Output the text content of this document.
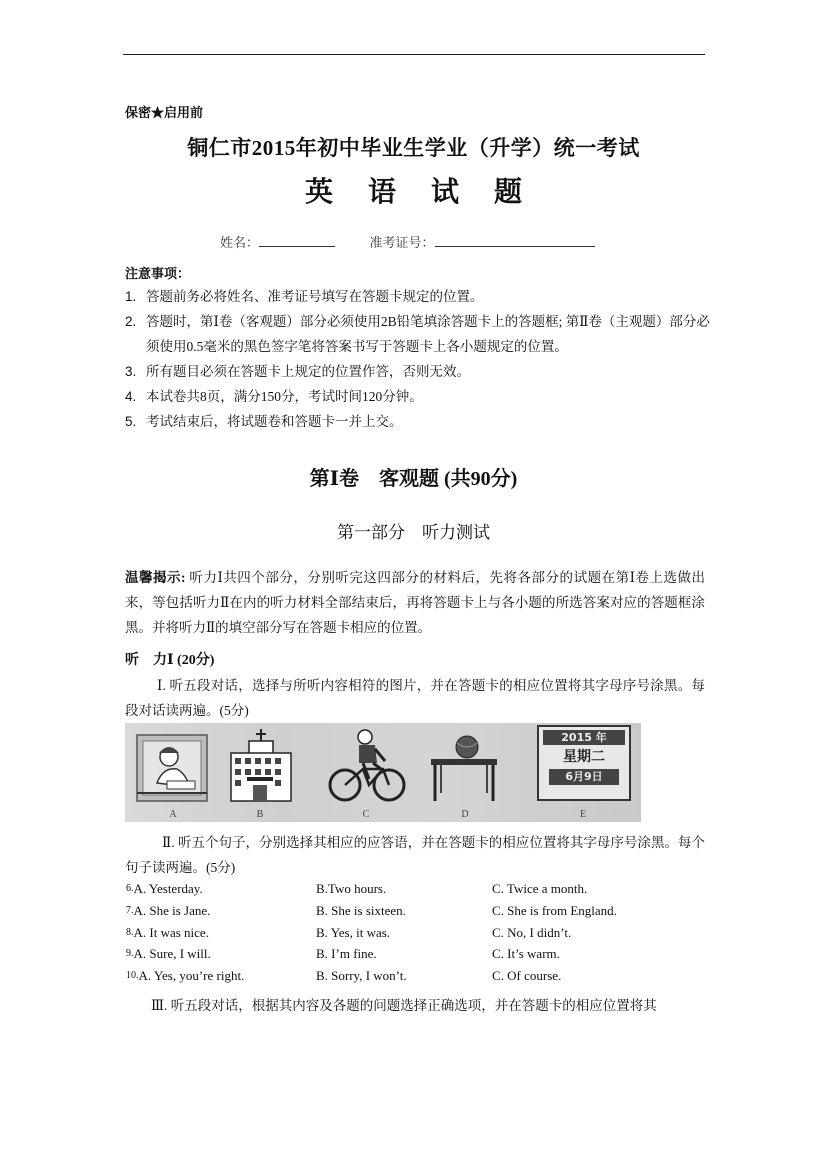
保密★启用前
铜仁市2015年初中毕业生学业（升学）统一考试
英 语 试 题
姓名：	准考证号：
注意事项：
1. 答题前务必将姓名、准考证号填写在答题卡规定的位置。
2. 答题时，第Ⅰ卷（客观题）部分必须使用2B铅笔填涂答题卡上的答题框; 第Ⅱ卷（主观题）部分必须使用0.5毫米的黑色签字笔将答案书写于答题卡上各小题规定的位置。
3. 所有题目必须在答题卡上规定的位置作答，否则无效。
4. 本试卷共8页，满分150分，考试时间120分钟。
5. 考试结束后，将试题卷和答题卡一并上交。
第Ⅰ卷　客观题 (共90分)
第一部分　听力测试
温馨揭示: 听力Ⅰ共四个部分，分别听完这四部分的材料后，先将各部分的试题在第Ⅰ卷上选做出来，等包括听力Ⅱ在内的听力材料全部结束后，再将答题卡上与各小题的所选答案对应的答题框涂黑。并将听力Ⅱ的填空部分写在答题卡相应的位置。
听　力Ⅰ (20分)
Ⅰ. 听五段对话，选择与所听内容相符的图片，并在答题卡的相应位置将其字母序号涂黑。每段对话读两遍。(5分)
A	B	C	D
2015 年
星期二
6月9日
E
Ⅱ. 听五个句子，分别选择其相应的应答语，并在答题卡的相应位置将其字母序号涂黑。每个句子读两遍。(5分)
$^{6.}$A. Yesterday.	B.Two hours.	C. Twice a month.
$^{7.}$A. She is Jane.	B. She is sixteen.	C. She is from England.
$^{8.}$A. It was nice.	B. Yes, it was.	C. No, I didn’t.
$^{9.}$A. Sure, I will.	B. I’m fine.	C. It’s warm.
$^{10.}$A. Yes, you’re right.	B. Sorry, I won’t.	C. Of course.
Ⅲ. 听五段对话，根据其内容及各题的问题选择正确选项，并在答题卡的相应位置将其
